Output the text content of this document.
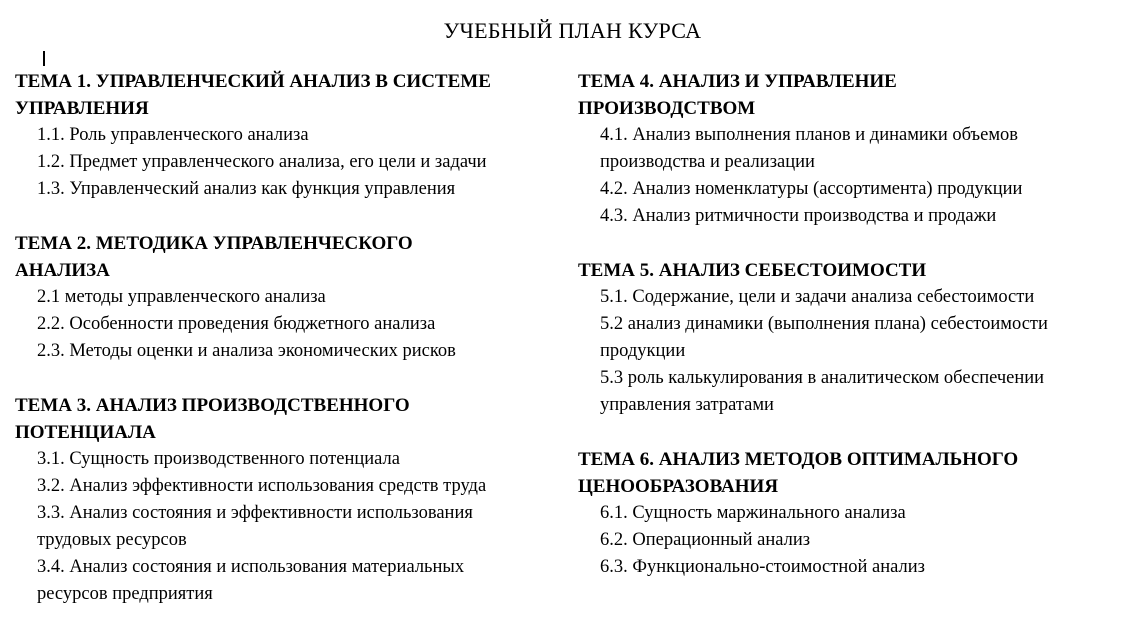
УЧЕБНЫЙ ПЛАН КУРСА

ТЕМА 1. УПРАВЛЕНЧЕСКИЙ АНАЛИЗ В СИСТЕМЕ УПРАВЛЕНИЯ

1.1. Роль управленческого анализа

1.2. Предмет управленческого анализа, его цели и задачи

1.3. Управленческий анализ как функция управления

ТЕМА 2. МЕТОДИКА УПРАВЛЕНЧЕСКОГО АНАЛИЗА

2.1 методы управленческого анализа

2.2. Особенности проведения бюджетного анализа

2.3. Методы оценки и анализа экономических рисков

ТЕМА 3. АНАЛИЗ ПРОИЗВОДСТВЕННОГО ПОТЕНЦИАЛА

3.1. Сущность производственного потенциала

3.2. Анализ эффективности использования средств труда

3.3. Анализ состояния и эффективности использования трудовых ресурсов

3.4. Анализ состояния и использования материальных ресурсов предприятия

ТЕМА 4. АНАЛИЗ И УПРАВЛЕНИЕ ПРОИЗВОДСТВОМ

4.1. Анализ выполнения планов и динамики объемов производства и реализации

4.2. Анализ номенклатуры (ассортимента) продукции

4.3. Анализ ритмичности производства и продажи

ТЕМА 5. АНАЛИЗ СЕБЕСТОИМОСТИ

5.1. Содержание, цели и задачи анализа себестоимости

5.2 анализ динамики (выполнения плана) себестоимости продукции

5.3 роль калькулирования в аналитическом обеспечении управления затратами

ТЕМА 6. АНАЛИЗ МЕТОДОВ ОПТИМАЛЬНОГО ЦЕНООБРАЗОВАНИЯ

6.1. Сущность маржинального анализа

6.2. Операционный анализ

6.3. Функционально-стоимостной анализ
